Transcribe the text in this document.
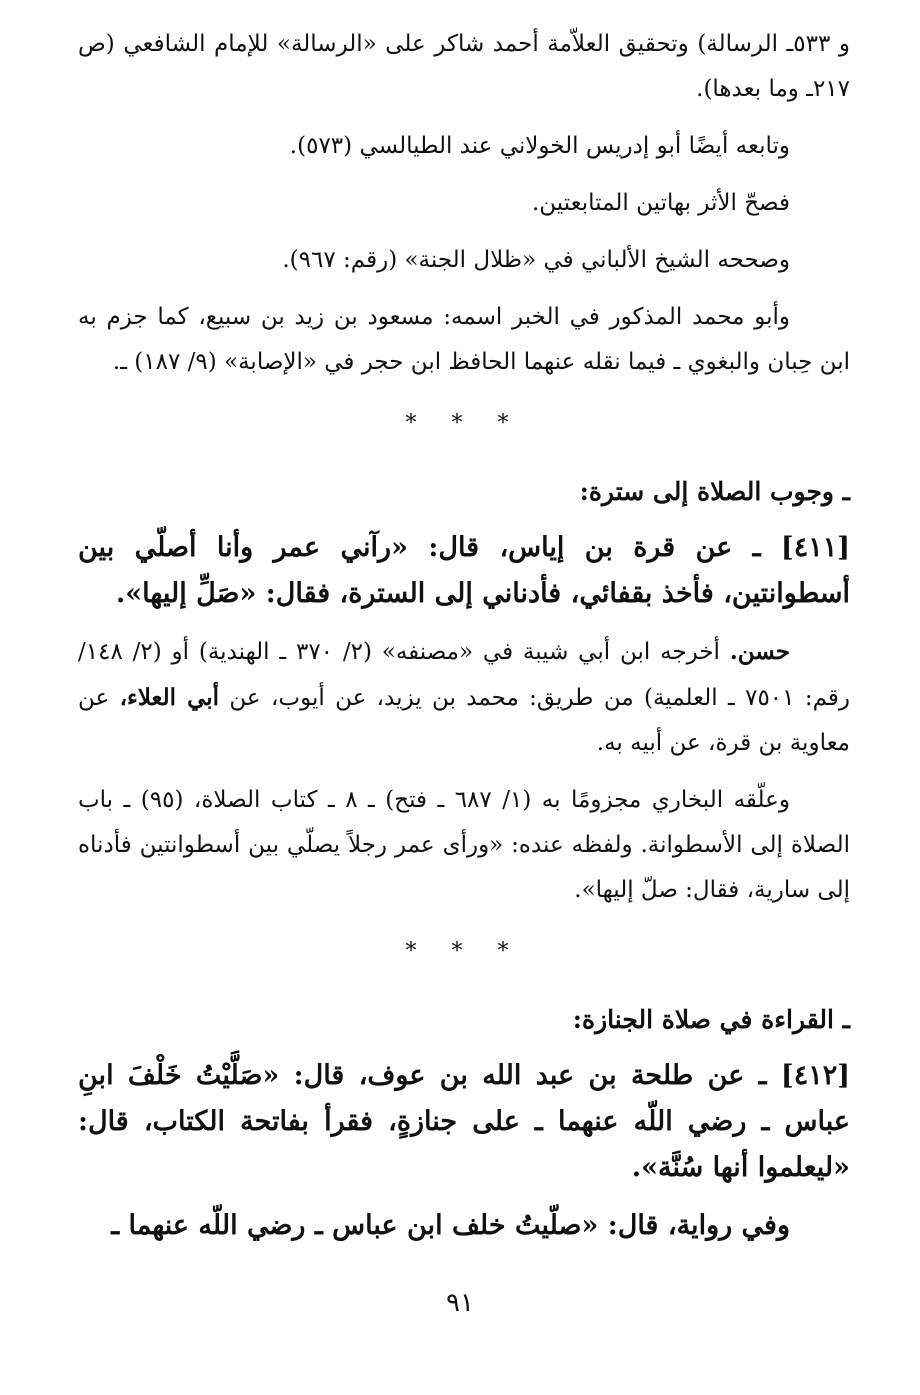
و ٥٣٣ـ الرسالة) وتحقيق العلاّمة أحمد شاكر على «الرسالة» للإمام الشافعي (ص ٢١٧ـ وما بعدها).

وتابعه أيضًا أبو إدريس الخولاني عند الطيالسي (٥٧٣).

فصحّ الأثر بهاتين المتابعتين.

وصححه الشيخ الألباني في «ظلال الجنة» (رقم: ٩٦٧).

وأبو محمد المذكور في الخبر اسمه: مسعود بن زيد بن سبيع، كما جزم به ابن حِبان والبغوي ـ فيما نقله عنهما الحافظ ابن حجر في «الإصابة» (٩/ ١٨٧) ـ.

* * *
ـ وجوب الصلاة إلى سترة:

[٤١١] ـ عن قرة بن إياس، قال: «رآني عمر وأنا أصلّي بين أسطوانتين، فأخذ بقفائي، فأدناني إلى السترة، فقال: «صَلِّ إليها».

حسن. أخرجه ابن أبي شيبة في «مصنفه» (٢/ ٣٧٠ ـ الهندية) أو (٢/ ١٤٨/رقم: ٧٥٠١ ـ العلمية) من طريق: محمد بن يزيد، عن أيوب، عن أبي العلاء، عن معاوية بن قرة، عن أبيه به.

وعلّقه البخاري مجزومًا به (١/ ٦٨٧ ـ فتح) ـ ٨ ـ كتاب الصلاة، (٩٥) ـ باب الصلاة إلى الأسطوانة. ولفظه عنده: «ورأى عمر رجلاً يصلّي بين أسطوانتين فأدناه إلى سارية، فقال: صلّ إليها».

* * *
ـ القراءة في صلاة الجنازة:

[٤١٢] ـ عن طلحة بن عبد الله بن عوف، قال: «صَلَّيْتُ خَلْفَ ابنِ عباس ـ رضي اللّه عنهما ـ على جنازةٍ، فقرأ بفاتحة الكتاب، قال: «ليعلموا أنها سُنَّة».

وفي رواية، قال: «صلّيتُ خلف ابن عباس ـ رضي اللّه عنهما ـ

٩١
